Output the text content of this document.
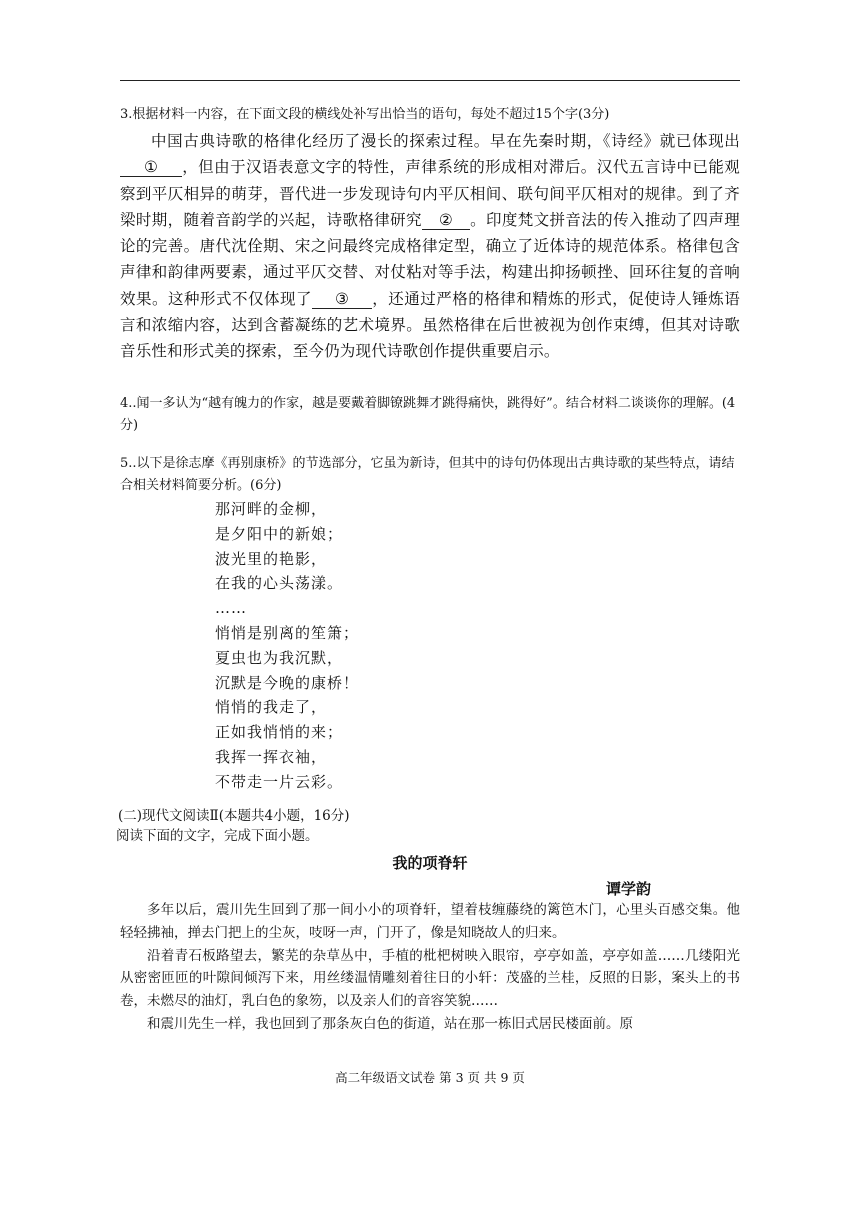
3.根据材料一内容，在下面文段的横线处补写出恰当的语句，每处不超过15个字(3分)

中国古典诗歌的格律化经历了漫长的探索过程。早在先秦时期，《诗经》就已体现出① ，但由于汉语表意文字的特性，声律系统的形成相对滞后。汉代五言诗中已能观察到平仄相异的萌芽，晋代进一步发现诗句内平仄相间、联句间平仄相对的规律。到了齐梁时期，随着音韵学的兴起，诗歌格律研究 ② 。印度梵文拼音法的传入推动了四声理论的完善。唐代沈佺期、宋之问最终完成格律定型，确立了近体诗的规范体系。格律包含声律和韵律两要素，通过平仄交替、对仗粘对等手法，构建出抑扬顿挫、回环往复的音响效果。这种形式不仅体现了 ③ ，还通过严格的格律和精炼的形式，促使诗人锤炼语言和浓缩内容，达到含蓄凝练的艺术境界。虽然格律在后世被视为创作束缚，但其对诗歌音乐性和形式美的探索，至今仍为现代诗歌创作提供重要启示。

4..闻一多认为“越有魄力的作家，越是要戴着脚镣跳舞才跳得痛快，跳得好”。结合材料二谈谈你的理解。(4分)

5..以下是徐志摩《再别康桥》的节选部分，它虽为新诗，但其中的诗句仍体现出古典诗歌的某些特点，请结合相关材料简要分析。(6分)

那河畔的金柳，
是夕阳中的新娘；
波光里的艳影，
在我的心头荡漾。
……
悄悄是别离的笙箫；
夏虫也为我沉默，
沉默是今晚的康桥！
悄悄的我走了，
正如我悄悄的来；
我挥一挥衣袖，
不带走一片云彩。

(二)现代文阅读Ⅱ(本题共4小题，16分)

阅读下面的文字，完成下面小题。

我的项脊轩
谭学韵

多年以后，震川先生回到了那一间小小的项脊轩，望着枝缠藤绕的篱笆木门，心里头百感交集。他轻轻拂袖，掸去门把上的尘灰，吱呀一声，门开了，像是知晓故人的归来。

沿着青石板路望去，繁芜的杂草丛中，手植的枇杷树映入眼帘，亭亭如盖，亭亭如盖……几缕阳光从密密匝匝的叶隙间倾泻下来，用丝缕温情雕刻着往日的小轩：茂盛的兰桂，反照的日影，案头上的书卷，未燃尽的油灯，乳白色的象笏，以及亲人们的音容笑貌……

和震川先生一样，我也回到了那条灰白色的街道，站在那一栋旧式居民楼面前。原

高二年级语文试卷 第 3 页 共 9 页
